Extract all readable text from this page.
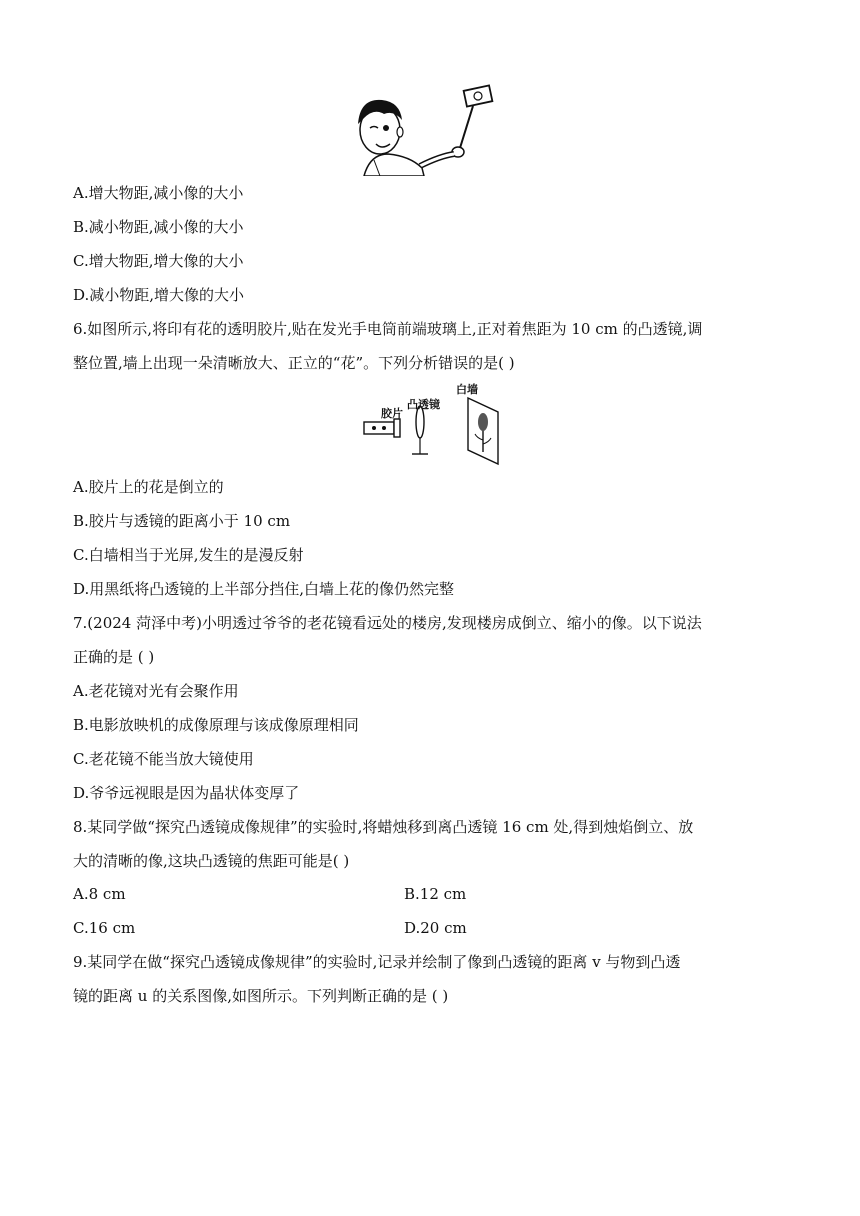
A.增大物距,减小像的大小
B.减小物距,减小像的大小
C.增大物距,增大像的大小
D.减小物距,增大像的大小
6.如图所示,将印有花的透明胶片,贴在发光手电筒前端玻璃上,正对着焦距为 10 cm 的凸透镜,调
整位置,墙上出现一朵清晰放大、正立的“花”。下列分析错误的是( )
胶片
凸透镜
白墙
A.胶片上的花是倒立的
B.胶片与透镜的距离小于 10 cm
C.白墙相当于光屏,发生的是漫反射
D.用黑纸将凸透镜的上半部分挡住,白墙上花的像仍然完整
7.(2024 菏泽中考)小明透过爷爷的老花镜看远处的楼房,发现楼房成倒立、缩小的像。以下说法
正确的是 ( )
A.老花镜对光有会聚作用
B.电影放映机的成像原理与该成像原理相同
C.老花镜不能当放大镜使用
D.爷爷远视眼是因为晶状体变厚了
8.某同学做“探究凸透镜成像规律”的实验时,将蜡烛移到离凸透镜 16 cm 处,得到烛焰倒立、放
大的清晰的像,这块凸透镜的焦距可能是( )
A.8 cm	B.12 cm
C.16 cm	D.20 cm
9.某同学在做“探究凸透镜成像规律”的实验时,记录并绘制了像到凸透镜的距离 v 与物到凸透
镜的距离 u 的关系图像,如图所示。下列判断正确的是 ( )
